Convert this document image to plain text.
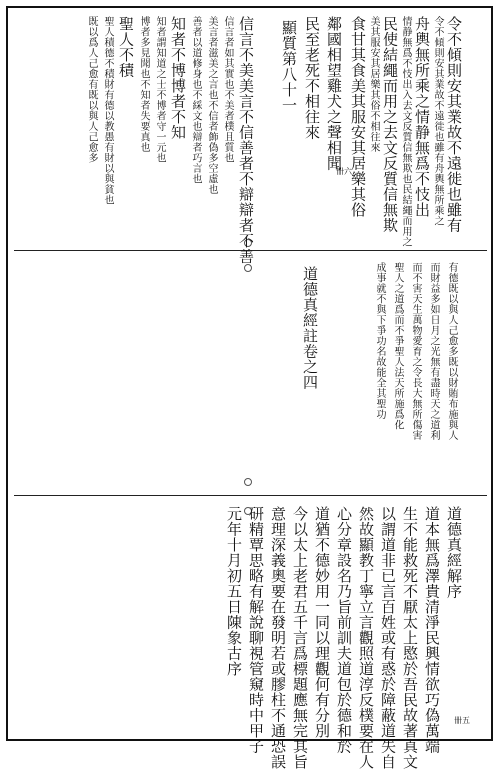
卌六
卌五
令不傾則安其業故不遠徙也雖有
令不傾則安其業故不遠徙也雖有舟輿無所乘之
舟輿無所乘之情静無爲不忮出
情静無爲不忮出入去文反質信無欺也民結繩而用之
民使結繩而用之去文反質信無欺
美其服安其居樂其俗不相往來
食甘其食美其服安其居樂其俗
鄰國相望雞犬之聲相聞
民至老死不相往來
顯質第八十一
信言不美美言不信善者不辯辯者不善
信言者如其實也不美者樸且質也
美言者滋美之言也不信者飾偽多空虛也
善者以道修身也不綵文也辯者巧言也
知者不博博者不知
知者謂知道之士不博者守一元也
博者多見聞也不知者失要真也
聖人不積
聖人積德不積財有德以教愚有財以與貧也
既以爲人己愈有既以與人己愈多
有德既以與人己愈多既以財賄布施與人
而財益多如日月之光無有盡時天之道利
而不害天生萬物愛育之令長大無所傷害
聖人之道爲而不爭聖人法天所施爲化
成事就不與下爭功名故能全其聖功
道德真經註卷之四
道德真經解序
道本無爲澤貴清淨民興情欲巧偽萬端
生不能救死不厭太上愍於吾民故著真文
以謂道非已言百姓或有惑於障蔽道失自
然故顯教丁寧立言觀照道淳反樸要在人
心分章設名乃旨前訓夫道包於德和於
道猶不德妙用一同以理觀何有分別
今以太上老君五千言爲標題應無完其旨
意理深義奧要在發明若或膠柱不通恐誤
研精覃思略有解說聊視管窺時中甲子
元年十月初五日陳象古序
